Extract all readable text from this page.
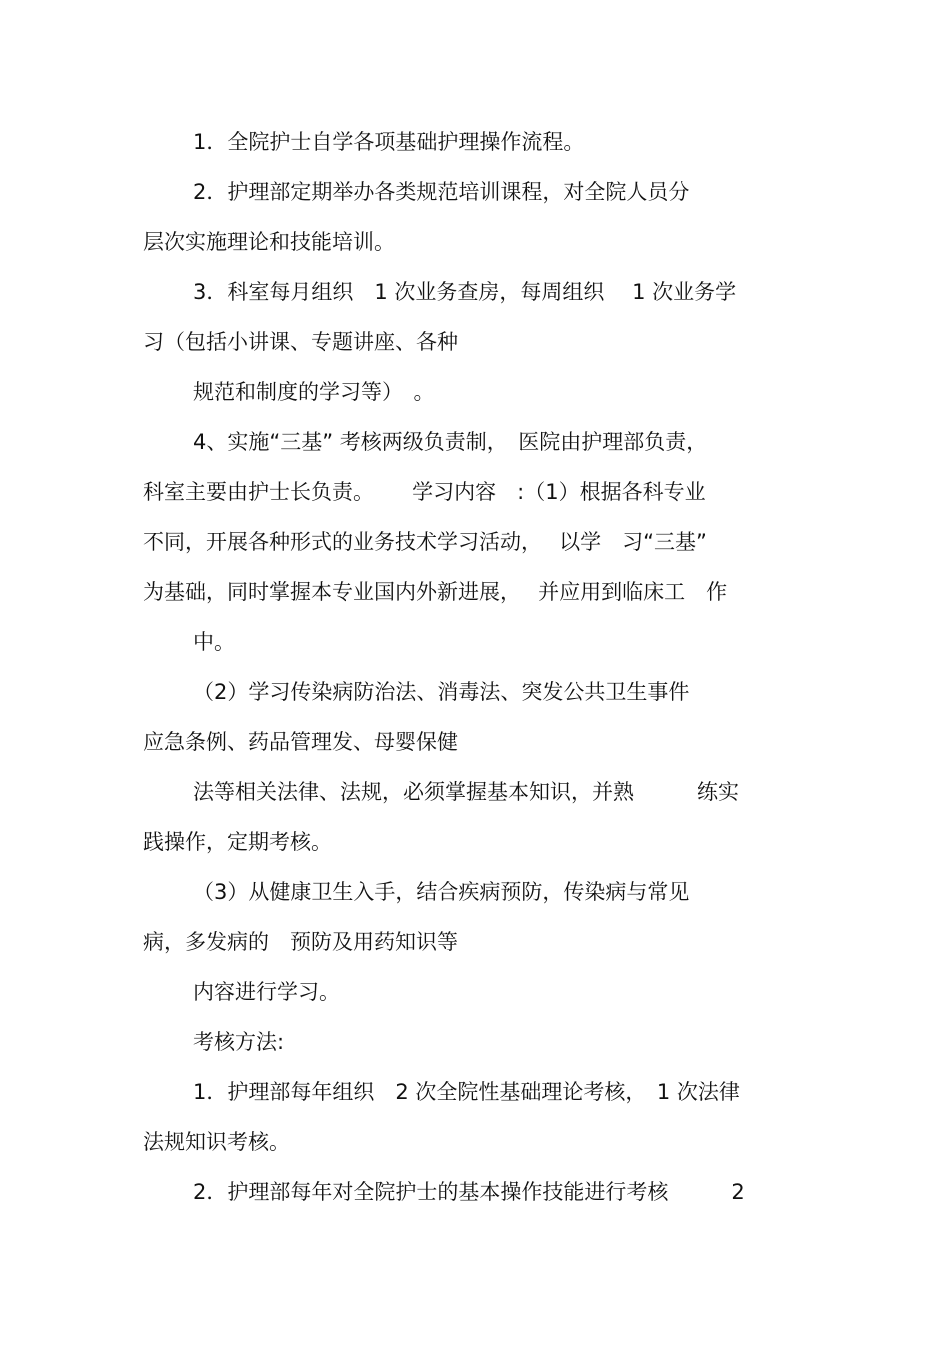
1．全院护士自学各项基础护理操作流程。
2．护理部定期举办各类规范培训课程，对全院人员分
层次实施理论和技能培训。
3．科室每月组织　1 次业务查房，每周组织　 1 次业务学
习（包括小讲课、专题讲座、各种
规范和制度的学习等）　。
4、实施“三基” 考核两级负责制，　医院由护理部负责，
科室主要由护士长负责。　　 学习内容　:（1）根据各科专业
不同，开展各种形式的业务技术学习活动，　 以学　习“三基”
为基础，同时掌握本专业国内外新进展，　 并应用到临床工　作
中。
（2）学习传染病防治法、消毒法、突发公共卫生事件
应急条例、药品管理发、母婴保健
法等相关法律、法规，必须掌握基本知识，并熟　　　练实
践操作，定期考核。
（3）从健康卫生入手，结合疾病预防，传染病与常见
病，多发病的　预防及用药知识等
内容进行学习。
考核方法:
1．护理部每年组织　2 次全院性基础理论考核，　1 次法律
法规知识考核。
2．护理部每年对全院护士的基本操作技能进行考核　　　2
